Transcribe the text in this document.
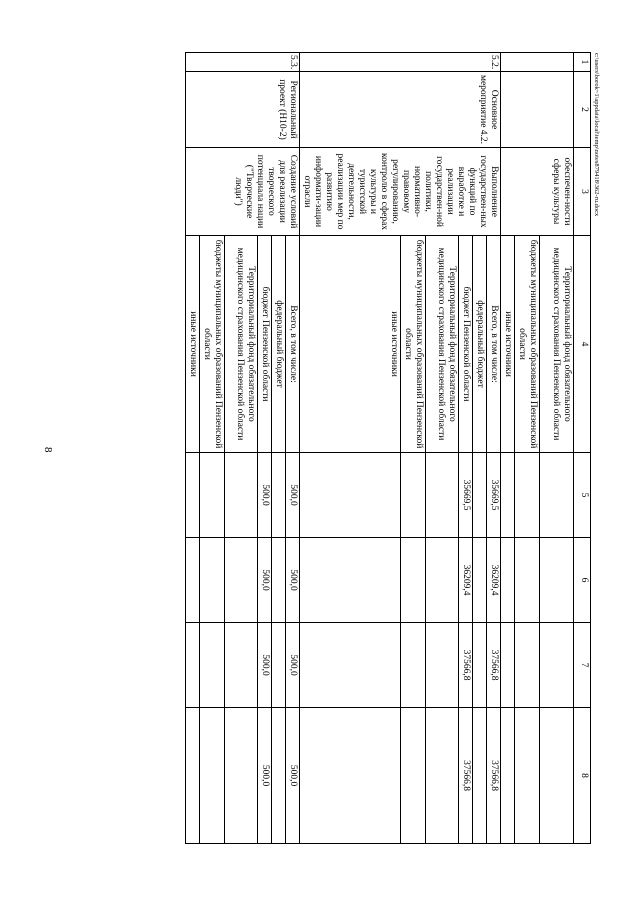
8
c:\users\borok~1\appdata\local\temp\notes879418\362-ru.docx
1	2	3	4	5	6	7	8
		обеспечен-ности сферы культуры	Территориальный фонд обязательного медицинского страхования Пензенской области				
			бюджеты муниципальных образований Пензенской области				
			иные источники				
5.2.	Основное мероприятие 4.2.	Выполнение государствен-ных функций по выработке и реализации государствен-ной политики, нормативно-правовому регулированию, контролю в сферах культуры и туристской деятельности, реализации мер по развитию информати-зации отрасли	Всего, в том числе:	35669,5	36209,4	37566,8	37566,8
			федеральный бюджет				
			бюджет Пензенской области	35669,5	36209,4	37566,8	37566,8
			Территориальный фонд обязательного медицинского страхования Пензенской области				
			бюджеты муниципальных образований Пензенской области				
			иные источники				
5.3.	Региональный проект (Н10-2)	Создание условий для реализации творческого потенциала нации ("Творческие люди")	Всего, в том числе:	500,0	500,0	500,0	500,0
			федеральный бюджет				
			бюджет Пензенской области	500,0	500,0	500,0	500,0
			Территориальный фонд обязательного медицинского страхования Пензенской области				
			бюджеты муниципальных образований Пензенской области				
			иные источники				
